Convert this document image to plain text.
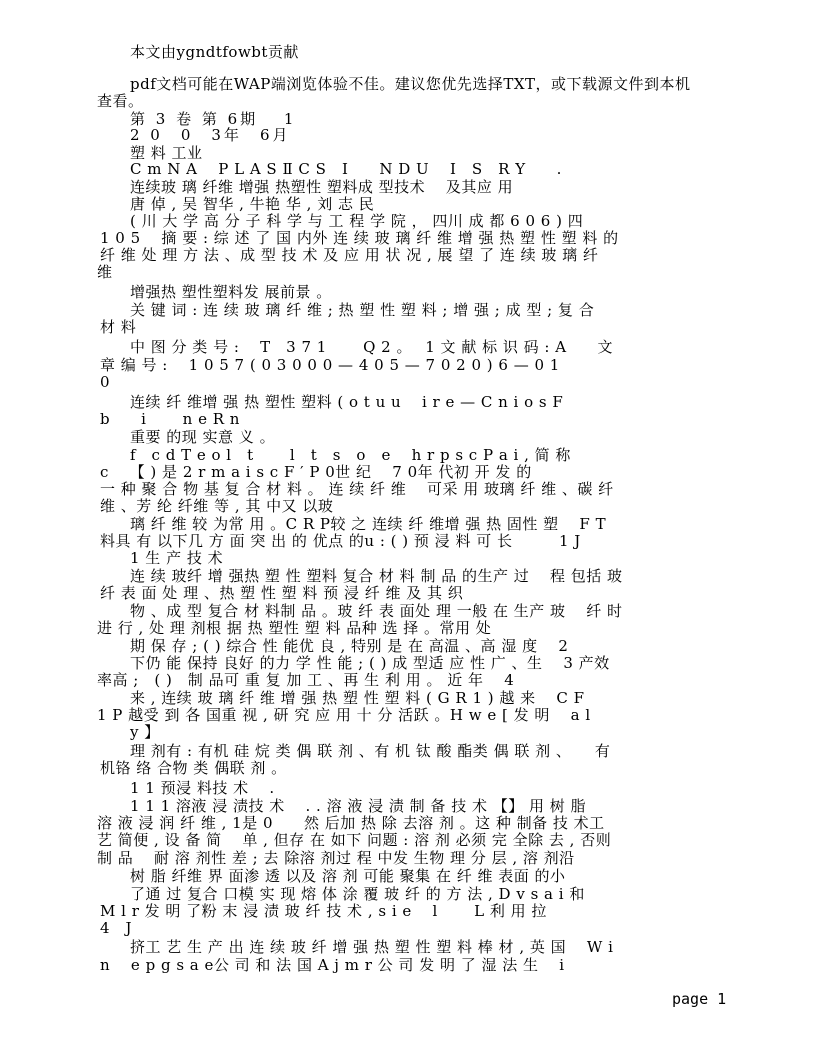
本文由ygndtfowbt贡献
pdf文档可能在WAP端浏览体验不佳。建议您优先选择TXT，或下载源文件到本机
查看。
第 3 卷 第 6期　 1
2 0　0　3年　6月
塑 料 工业
C m N A　 P L A S Ⅱ C S　I　　N D U　 I　S　R Y　　.
连续玻 璃 纤维 增强 热塑性 塑料成 型技术　 及其应 用
唐 倬 , 吴 智华 , 牛艳 华 , 刘 志 民
( 川 大 学 高 分 子 科 学 与 工 程 学 院 ， 四川 成 都 6 0 6 ) 四
1 0 5　 摘 要 : 综 述 了 国 内外 连 续 玻 璃 纤 维 增 强 热 塑 性 塑 料 的
纤 维 处 理 方 法 、成 型 技 术 及 应 用 状 况 , 展 望 了 连 续 玻 璃 纤
维
增强热 塑性塑料发 展前景 。
关 键 词 : 连 续 玻 璃 纤 维 ; 热 塑 性 塑 料 ; 增 强 ; 成 型 ; 复 合
材 料
中 图 分 类 号 :　 T　3 7 1　　 Q 2 。　 1 文 献 标 识 码 : A　　文
章 编 号 :　 1 0 5 7 ( 0 3 0 0 0 — 4 0 5 — 7 0 2 0 ) 6 — 0 1
0
连续 纤 维增 强 热 塑性 塑料 ( o t u u　 i r e — C n i o s F
b　　i　　 n e R n
重要 的现 实意 义 。
f　c d T e o l　t　　 l　t　s　o　e　 h r p s c P a i , 简 称
c　 【 ) 是 2 r m a i s c F ′ P 0世 纪　 7 0年 代初 开 发 的
一 种 聚 合 物 基 复 合 材 料 。 连 续 纤 维　 可采 用 玻璃 纤 维 、碳 纤
维 、芳 纶 纤维 等 , 其 中又 以玻
璃 纤 维 较 为常 用 。C R P较 之 连续 纤 维增 强 热 固性 塑　 F T
料具 有 以下几 方 面 突 出 的 优点 的u : ( ) 预 浸 料 可 长　　　1 J
1 生 产 技 术
连 续 玻纤 增 强热 塑 性 塑料 复合 材 料 制 品 的生产 过　 程 包括 玻
纤 表 面 处 理 、热 塑 性 塑 料 预 浸 纤 维 及 其 织
物 、成 型 复合 材 料制 品 。玻 纤 表 面处 理 一般 在 生产 玻　 纤 时
进 行 , 处 理 剂根 据 热 塑性 塑 料 品种 选 择 。常用 处
期 保 存 ; ( ) 综合 性 能优 良 , 特别 是 在 高温 、高 湿 度　 2
下仍 能 保持 良好 的力 学 性 能 ; ( ) 成 型适 应 性 广 、生　 3 产效
率高 ;　( )　制 品可 重 复 加 工 、再 生 利 用 。 近 年　 4
来 , 连续 玻 璃 纤 维 增 强 热 塑 性 塑 料 ( G R 1 ) 越 来　 C F
1 P 越受 到 各 国重 视 , 研 究 应 用 十 分 活跃 。H w e [ 发 明　 a l
y 】
理 剂有 : 有机 硅 烷 类 偶 联 剂 、有 机 钛 酸 酯类 偶 联 剂 、　　有
机铬 络 合物 类 偶联 剂 。
1 1 预浸 料技 术　 .
1 1 1 溶液 浸 渍技 术　 . . 溶 液 浸 渍 制 备 技 术 【】 用 树 脂
溶 液 浸 润 纤 维 , 1是 0　　然 后加 热 除 去溶 剂 。这 种 制备 技 术工
艺 简便 , 设 备 简　 单 , 但存 在 如下 问题 : 溶 剂 必须 完 全除 去 , 否则
制 品　 耐 溶 剂性 差 ; 去 除溶 剂过 程 中发 生物 理 分 层 , 溶 剂沿
树 脂 纤维 界 面渗 透 以及 溶 剂 可能 聚集 在 纤 维 表面 的小
了通 过 复合 口模 实 现 熔 体 涂 覆 玻 纤 的 方 法 , D v s a i 和
M l r 发 明 了粉 末 浸 渍 玻 纤 技 术 , s i e　 l　　 L 利 用 拉
4　J
挤工 艺 生 产 出 连 续 玻 纤 增 强 热 塑 性 塑 料 棒 材 , 英 国　 W i
n　 e p g s a e公 司 和 法 国 A j m r 公 司 发 明 了 湿 法 生　 i
page 1
